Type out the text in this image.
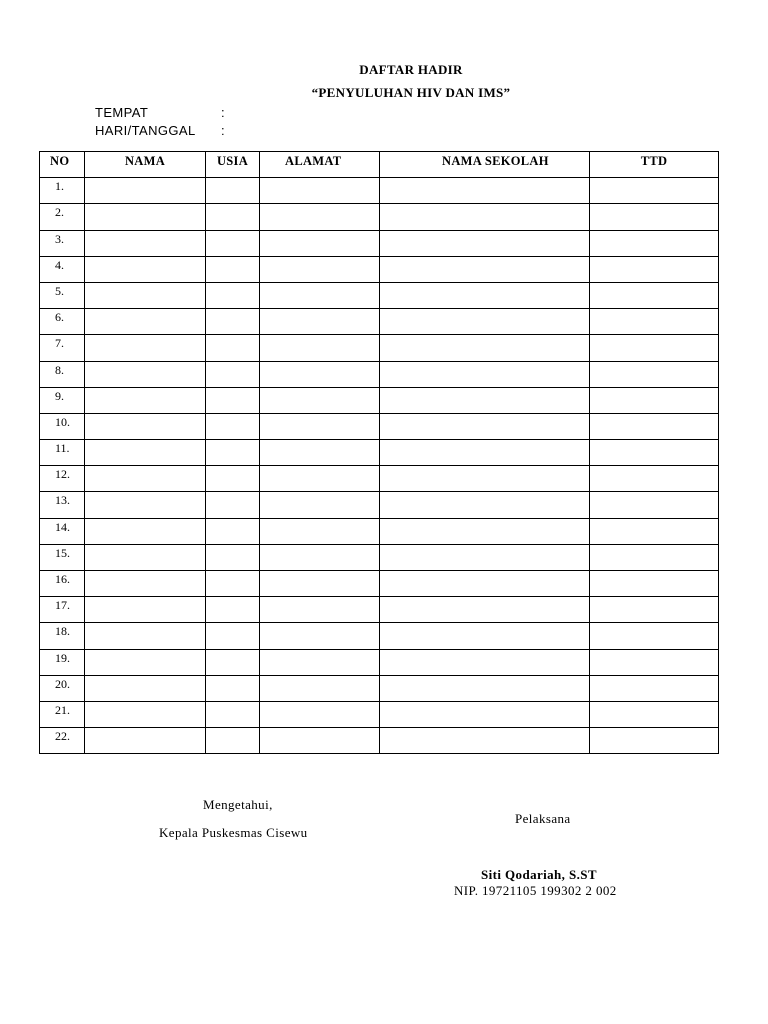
DAFTAR HADIR
“PENYULUHAN HIV DAN IMS”
TEMPAT	:
HARI/TANGGAL :
NO	NAMA	USIA	ALAMAT	NAMA SEKOLAH	TTD
1.					
2.					
3.					
4.					
5.					
6.					
7.					
8.					
9.					
10.					
11.					
12.					
13.					
14.					
15.					
16.					
17.					
18.					
19.					
20.					
21.					
22.					
Mengetahui,
Kepala Puskesmas Cisewu
Pelaksana
Siti Qodariah, S.ST
NIP. 19721105 199302 2 002
